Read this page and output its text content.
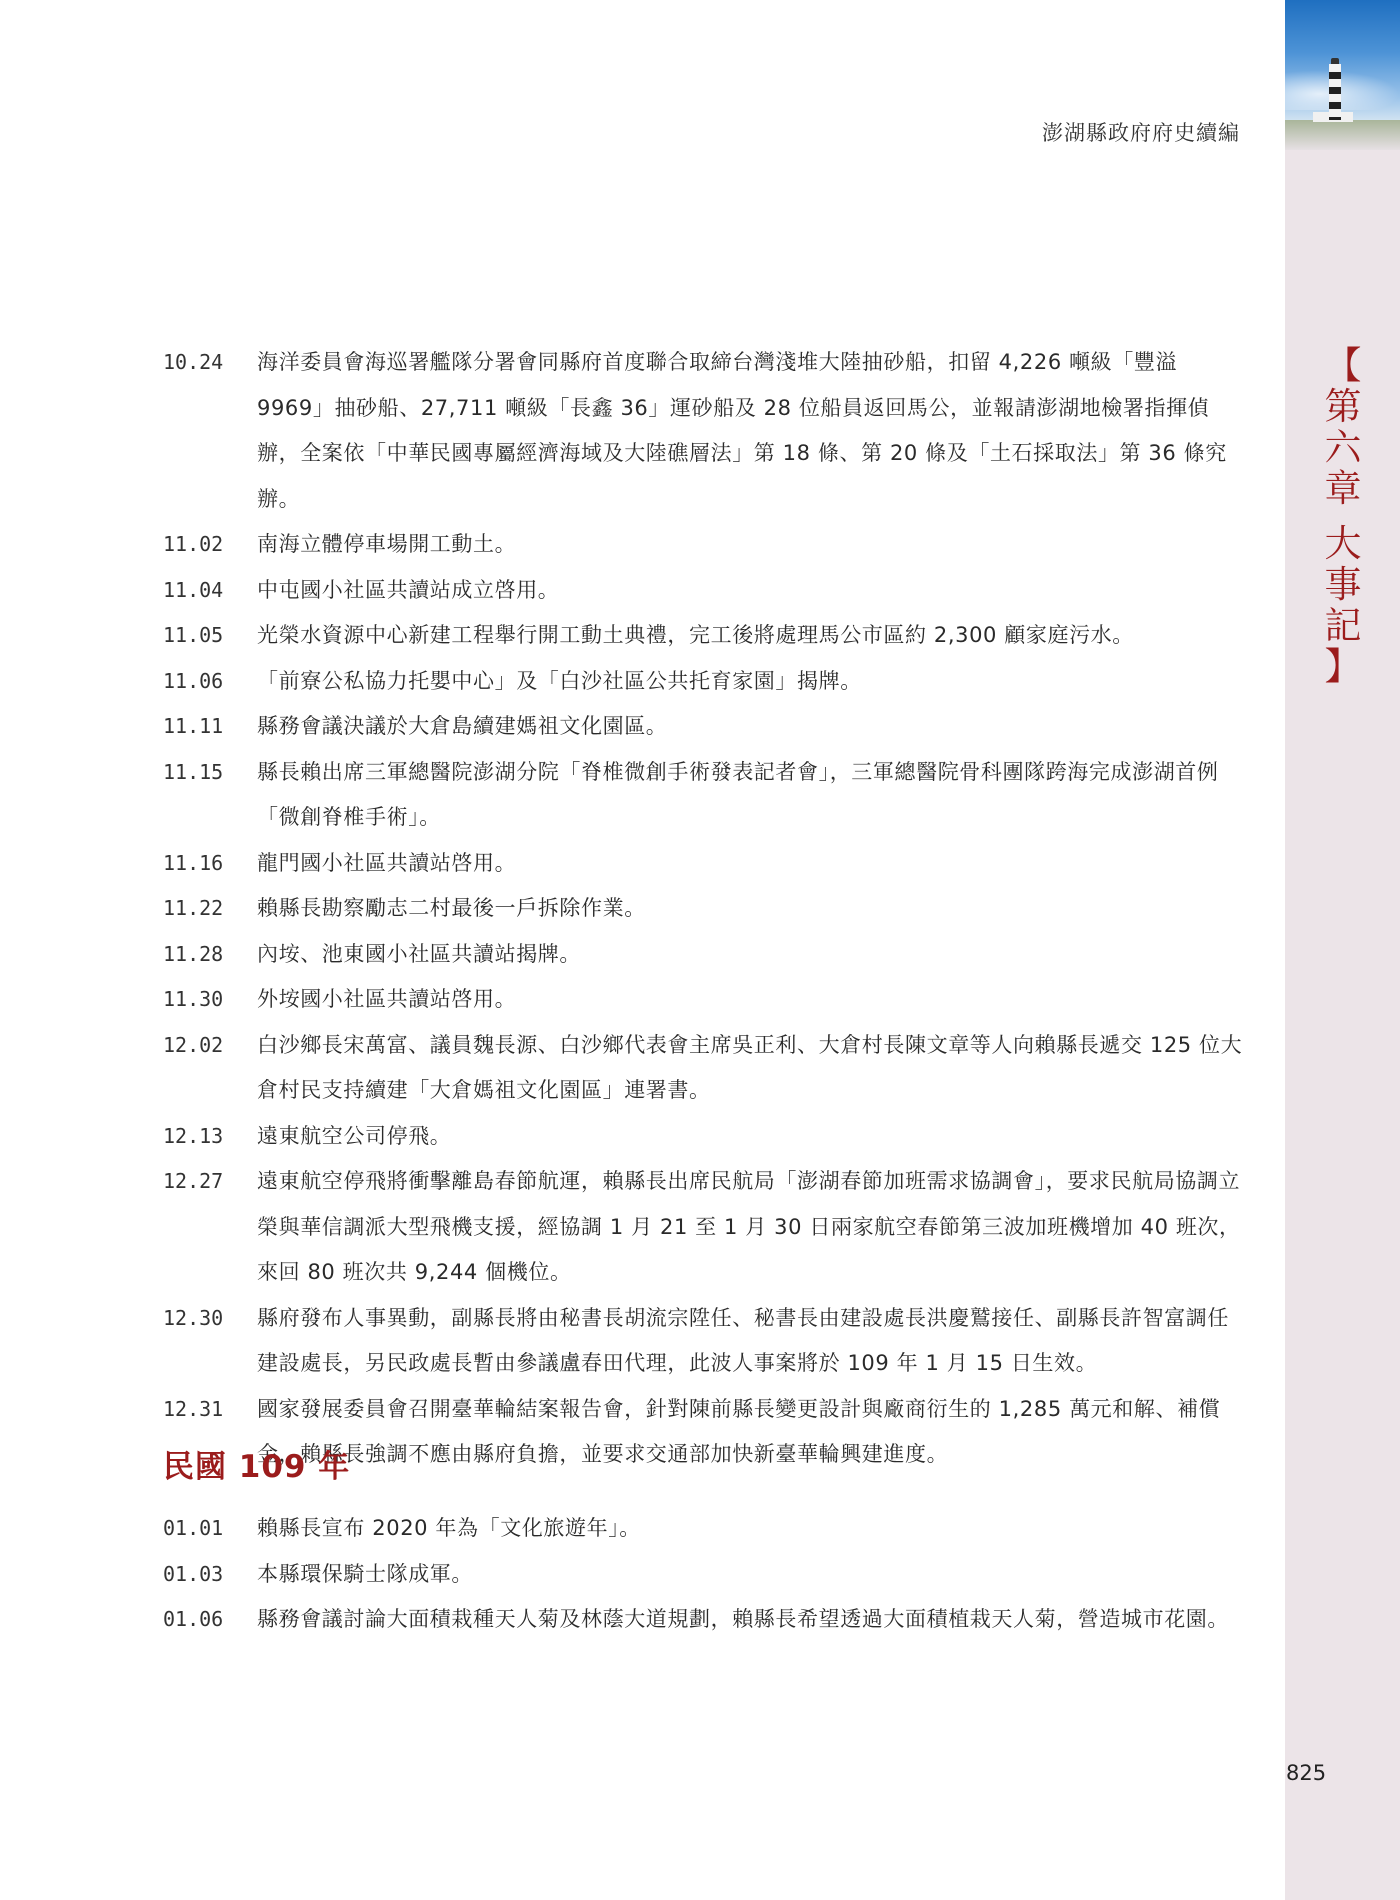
澎湖縣政府府史續編
【
第六章
大事記
】
10.24	海洋委員會海巡署艦隊分署會同縣府首度聯合取締台灣淺堆大陸抽砂船，扣留 4,226 噸級「豐溢 9969」抽砂船、27,711 噸級「長鑫 36」運砂船及 28 位船員返回馬公，並報請澎湖地檢署指揮偵辦，全案依「中華民國專屬經濟海域及大陸礁層法」第 18 條、第 20 條及「土石採取法」第 36 條究辦。
11.02	南海立體停車場開工動土。
11.04	中屯國小社區共讀站成立啓用。
11.05	光榮水資源中心新建工程舉行開工動土典禮，完工後將處理馬公市區約 2,300 顧家庭污水。
11.06	「前寮公私協力托嬰中心」及「白沙社區公共托育家園」揭牌。
11.11	縣務會議決議於大倉島續建媽祖文化園區。
11.15	縣長賴出席三軍總醫院澎湖分院「脊椎微創手術發表記者會」，三軍總醫院骨科團隊跨海完成澎湖首例「微創脊椎手術」。
11.16	龍門國小社區共讀站啓用。
11.22	賴縣長勘察勵志二村最後一戶拆除作業。
11.28	內垵、池東國小社區共讀站揭牌。
11.30	外垵國小社區共讀站啓用。
12.02	白沙鄉長宋萬富、議員魏長源、白沙鄉代表會主席吳正利、大倉村長陳文章等人向賴縣長遞交 125 位大倉村民支持續建「大倉媽祖文化園區」連署書。
12.13	遠東航空公司停飛。
12.27	遠東航空停飛將衝擊離島春節航運，賴縣長出席民航局「澎湖春節加班需求協調會」，要求民航局協調立榮與華信調派大型飛機支援，經協調 1 月 21 至 1 月 30 日兩家航空春節第三波加班機增加 40 班次，來回 80 班次共 9,244 個機位。
12.30	縣府發布人事異動，副縣長將由秘書長胡流宗陞任、秘書長由建設處長洪慶鷲接任、副縣長許智富調任建設處長，另民政處長暫由參議盧春田代理，此波人事案將於 109 年 1 月 15 日生效。
12.31	國家發展委員會召開臺華輪結案報告會，針對陳前縣長變更設計與廠商衍生的 1,285 萬元和解、補償金，賴縣長強調不應由縣府負擔，並要求交通部加快新臺華輪興建進度。
民國 109 年
01.01	賴縣長宣布 2020 年為「文化旅遊年」。
01.03	本縣環保騎士隊成軍。
01.06	縣務會議討論大面積栽種天人菊及林蔭大道規劃，賴縣長希望透過大面積植栽天人菊，營造城市花園。
825
